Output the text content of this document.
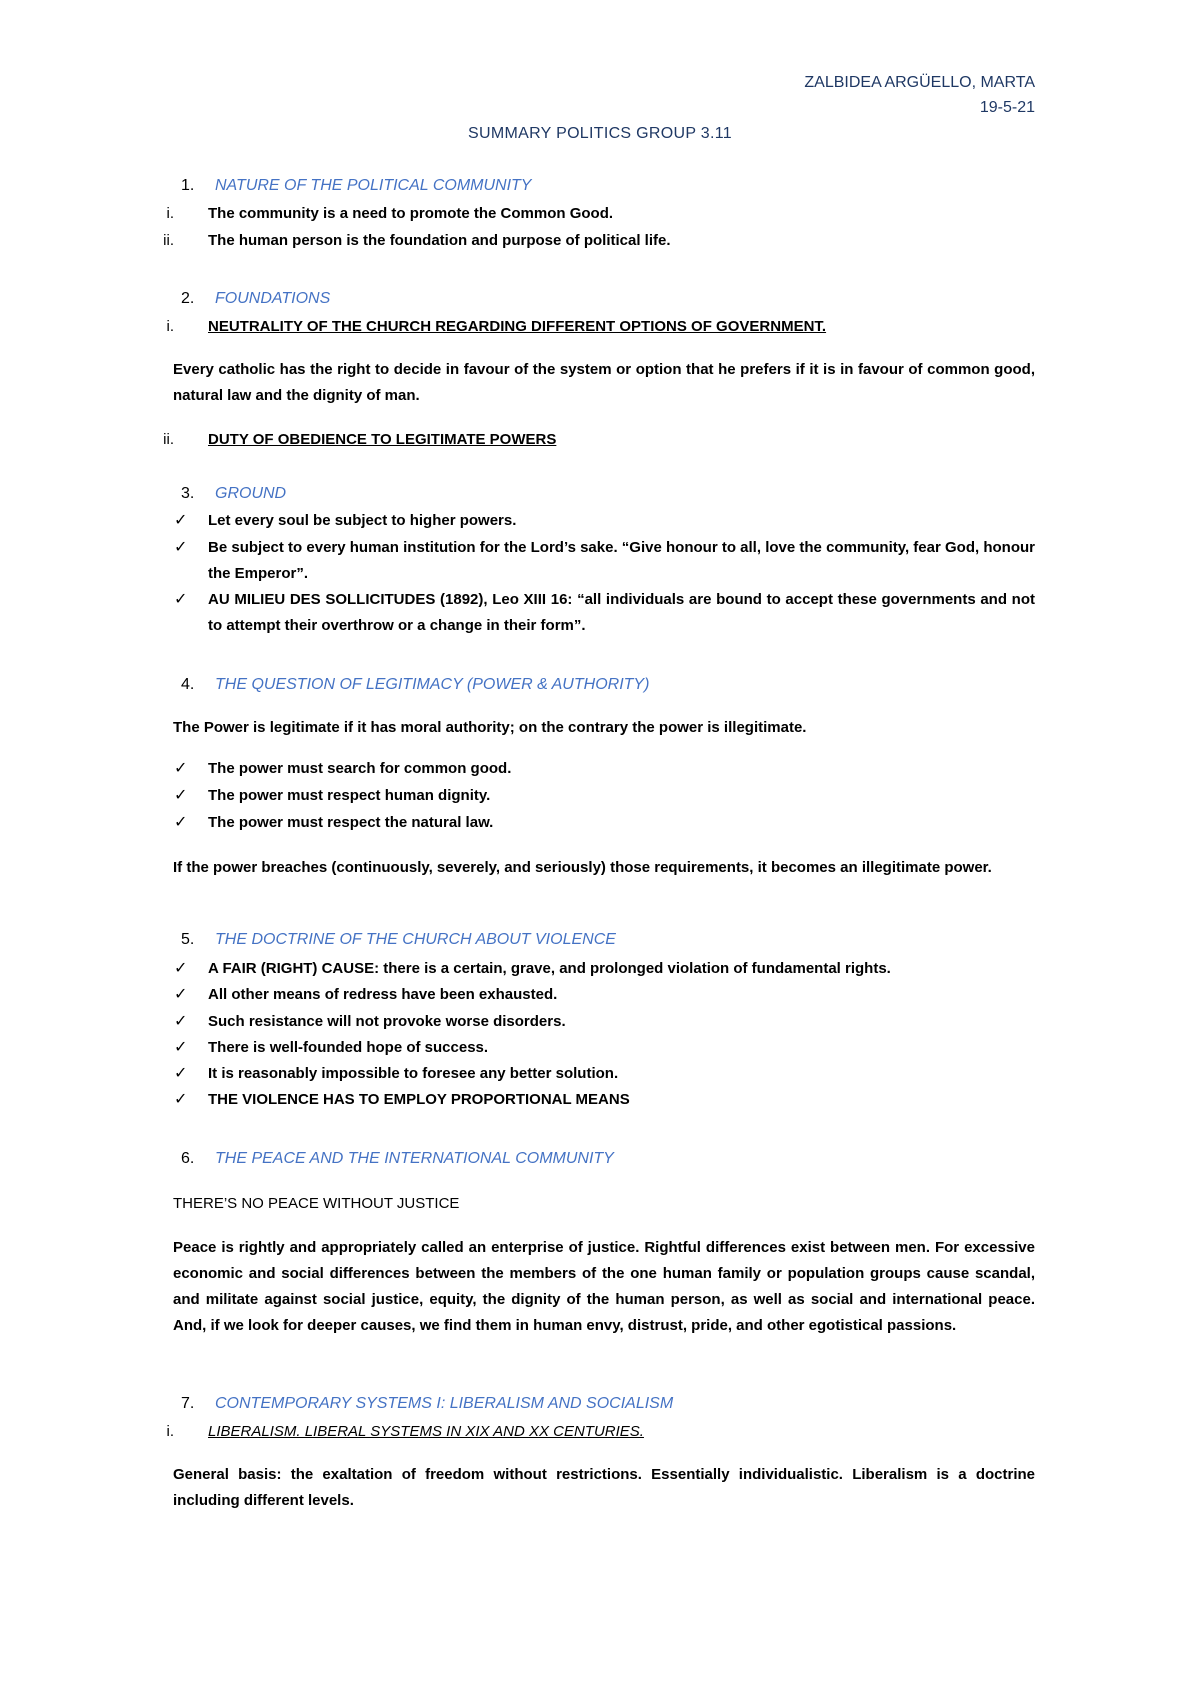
ZALBIDEA ARGÜELLO, MARTA
19-5-21
SUMMARY POLITICS GROUP 3.11
1. NATURE OF THE POLITICAL COMMUNITY
i. The community is a need to promote the Common Good.
ii. The human person is the foundation and purpose of political life.
2. FOUNDATIONS
i. NEUTRALITY OF THE CHURCH REGARDING DIFFERENT OPTIONS OF GOVERNMENT.
Every catholic has the right to decide in favour of the system or option that he prefers if it is in favour of common good, natural law and the dignity of man.
ii. DUTY OF OBEDIENCE TO LEGITIMATE POWERS
3. GROUND
✓ Let every soul be subject to higher powers.
✓ Be subject to every human institution for the Lord’s sake. “Give honour to all, love the community, fear God, honour the Emperor”.
✓ AU MILIEU DES SOLLICITUDES (1892), Leo XIII 16: “all individuals are bound to accept these governments and not to attempt their overthrow or a change in their form”.
4. THE QUESTION OF LEGITIMACY (POWER & AUTHORITY)
The Power is legitimate if it has moral authority; on the contrary the power is illegitimate.
✓ The power must search for common good.
✓ The power must respect human dignity.
✓ The power must respect the natural law.
If the power breaches (continuously, severely, and seriously) those requirements, it becomes an illegitimate power.
5. THE DOCTRINE OF THE CHURCH ABOUT VIOLENCE
✓ A FAIR (RIGHT) CAUSE: there is a certain, grave, and prolonged violation of fundamental rights.
✓ All other means of redress have been exhausted.
✓ Such resistance will not provoke worse disorders.
✓ There is well-founded hope of success.
✓ It is reasonably impossible to foresee any better solution.
✓ THE VIOLENCE HAS TO EMPLOY PROPORTIONAL MEANS
6. THE PEACE AND THE INTERNATIONAL COMMUNITY
THERE’S NO PEACE WITHOUT JUSTICE
Peace is rightly and appropriately called an enterprise of justice. Rightful differences exist between men. For excessive economic and social differences between the members of the one human family or population groups cause scandal, and militate against social justice, equity, the dignity of the human person, as well as social and international peace. And, if we look for deeper causes, we find them in human envy, distrust, pride, and other egotistical passions.
7. CONTEMPORARY SYSTEMS I: LIBERALISM AND SOCIALISM
i. LIBERALISM. LIBERAL SYSTEMS IN XIX AND XX CENTURIES.
General basis: the exaltation of freedom without restrictions. Essentially individualistic. Liberalism is a doctrine including different levels.
